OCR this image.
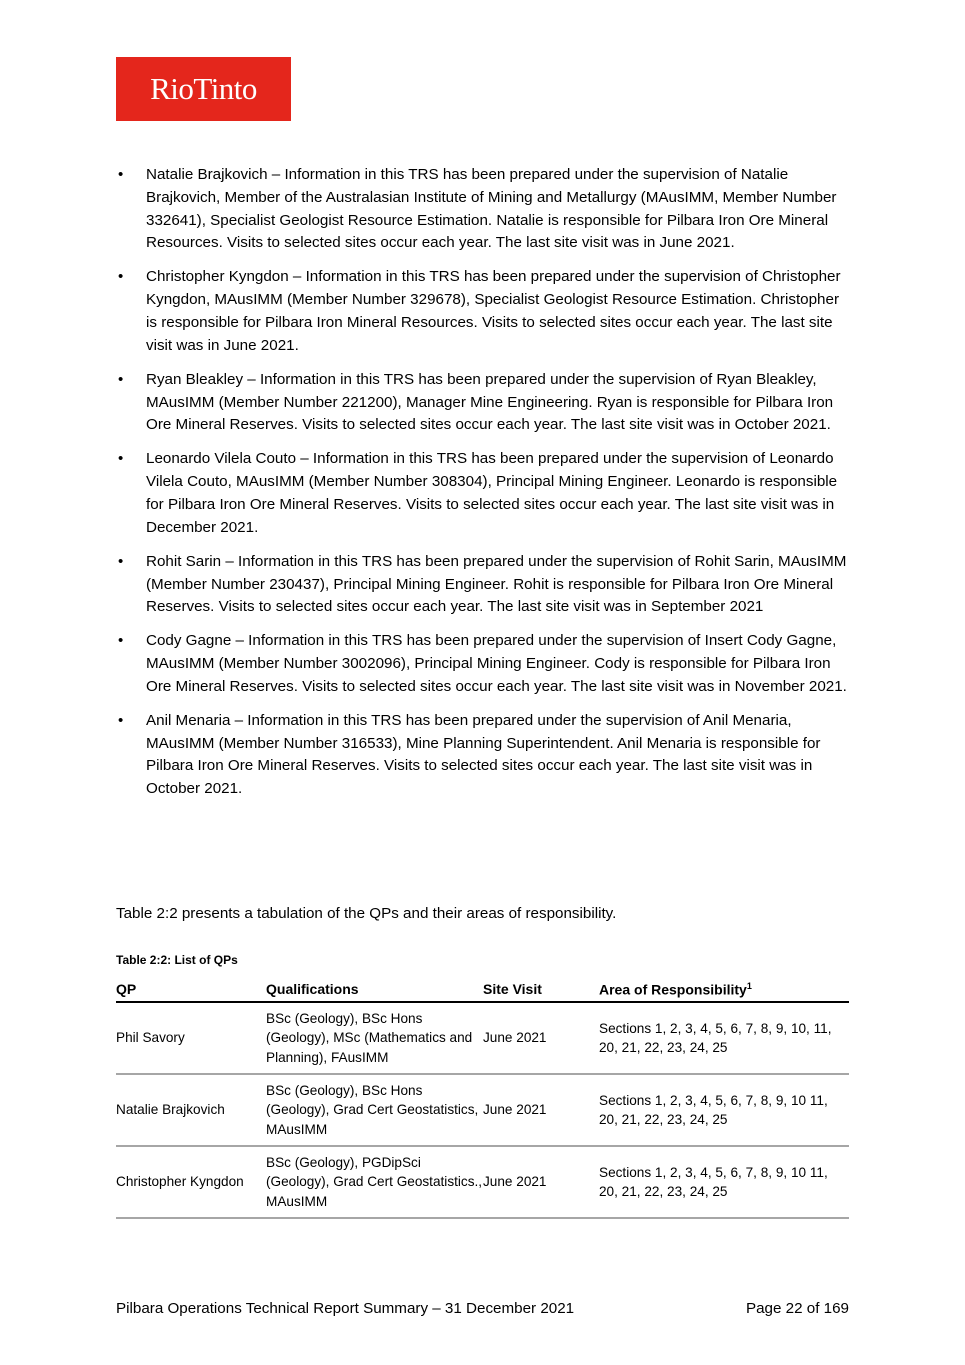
RioTinto
• Natalie Brajkovich – Information in this TRS has been prepared under the supervision of Natalie Brajkovich, Member of the Australasian Institute of Mining and Metallurgy (MAusIMM, Member Number 332641), Specialist Geologist Resource Estimation. Natalie is responsible for Pilbara Iron Ore Mineral Resources. Visits to selected sites occur each year. The last site visit was in June 2021.
• Christopher Kyngdon – Information in this TRS has been prepared under the supervision of Christopher Kyngdon, MAusIMM (Member Number 329678), Specialist Geologist Resource Estimation. Christopher is responsible for Pilbara Iron Mineral Resources. Visits to selected sites occur each year. The last site visit was in June 2021.
• Ryan Bleakley – Information in this TRS has been prepared under the supervision of Ryan Bleakley, MAusIMM (Member Number 221200), Manager Mine Engineering. Ryan is responsible for Pilbara Iron Ore Mineral Reserves. Visits to selected sites occur each year. The last site visit was in October 2021.
• Leonardo Vilela Couto – Information in this TRS has been prepared under the supervision of Leonardo Vilela Couto, MAusIMM (Member Number 308304), Principal Mining Engineer. Leonardo is responsible for Pilbara Iron Ore Mineral Reserves. Visits to selected sites occur each year. The last site visit was in December 2021.
• Rohit Sarin – Information in this TRS has been prepared under the supervision of Rohit Sarin, MAusIMM (Member Number 230437), Principal Mining Engineer. Rohit is responsible for Pilbara Iron Ore Mineral Reserves. Visits to selected sites occur each year. The last site visit was in September 2021
• Cody Gagne – Information in this TRS has been prepared under the supervision of Insert Cody Gagne, MAusIMM (Member Number 3002096), Principal Mining Engineer. Cody is responsible for Pilbara Iron Ore Mineral Reserves. Visits to selected sites occur each year. The last site visit was in November 2021.
• Anil Menaria – Information in this TRS has been prepared under the supervision of Anil Menaria, MAusIMM (Member Number 316533), Mine Planning Superintendent. Anil Menaria is responsible for Pilbara Iron Ore Mineral Reserves. Visits to selected sites occur each year. The last site visit was in October 2021.
Table 2:2 presents a tabulation of the QPs and their areas of responsibility.
Table 2:2: List of QPs
QP	Qualifications	Site Visit	Area of Responsibility$^1$
Phil Savory	BSc (Geology), BSc Hons (Geology), MSc (Mathematics and Planning), FAusIMM	June 2021	Sections 1, 2, 3, 4, 5, 6, 7, 8, 9, 10, 11, 20, 21, 22, 23, 24, 25
Natalie Brajkovich	BSc (Geology), BSc Hons (Geology), Grad Cert Geostatistics, MAusIMM	June 2021	Sections 1, 2, 3, 4, 5, 6, 7, 8, 9, 10 11, 20, 21, 22, 23, 24, 25
Christopher Kyngdon	BSc (Geology), PGDipSci (Geology), Grad Cert Geostatistics., MAusIMM	June 2021	Sections 1, 2, 3, 4, 5, 6, 7, 8, 9, 10 11, 20, 21, 22, 23, 24, 25
Pilbara Operations Technical Report Summary – 31 December 2021	Page 22 of 169
